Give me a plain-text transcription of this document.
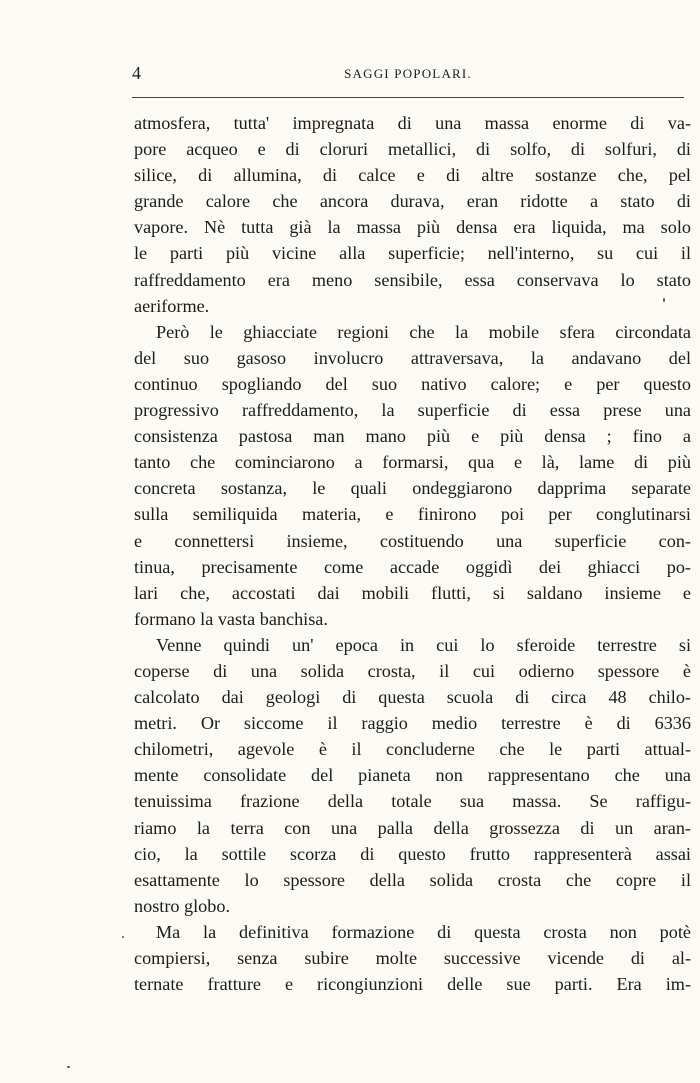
4	SAGGI POPOLARI.
atmosfera, tutta' impregnata di una massa enorme di va-
pore acqueo e di cloruri metallici, di solfo, di solfuri, di
silice, di allumina, di calce e di altre sostanze che, pel
grande calore che ancora durava, eran ridotte a stato di
vapore. Nè tutta già la massa più densa era liquida, ma solo
le parti più vicine alla superficie; nell'interno, su cui il
raffreddamento era meno sensibile, essa conservava lo stato
aeriforme.
Però le ghiacciate regioni che la mobile sfera circondata
del suo gasoso involucro attraversava, la andavano del
continuo spogliando del suo nativo calore; e per questo
progressivo raffreddamento, la superficie di essa prese una
consistenza pastosa man mano più e più densa ; fino a
tanto che cominciarono a formarsi, qua e là, lame di più
concreta sostanza, le quali ondeggiarono dapprima separate
sulla semiliquida materia, e finirono poi per conglutinarsi
e connettersi insieme, costituendo una superficie con-
tinua, precisamente come accade oggidì dei ghiacci po-
lari che, accostati dai mobili flutti, si saldano insieme e
formano la vasta banchisa.
Venne quindi un' epoca in cui lo sferoide terrestre si
coperse di una solida crosta, il cui odierno spessore è
calcolato dai geologi di questa scuola di circa 48 chilo-
metri. Or siccome il raggio medio terrestre è di 6336
chilometri, agevole è il concluderne che le parti attual-
mente consolidate del pianeta non rappresentano che una
tenuissima frazione della totale sua massa. Se raffigu-
riamo la terra con una palla della grossezza di un aran-
cio, la sottile scorza di questo frutto rappresenterà assai
esattamente lo spessore della solida crosta che copre il
nostro globo.
Ma la definitiva formazione di questa crosta non potè
compiersi, senza subire molte successive vicende di al-
ternate fratture e ricongiunzioni delle sue parti. Era im-
